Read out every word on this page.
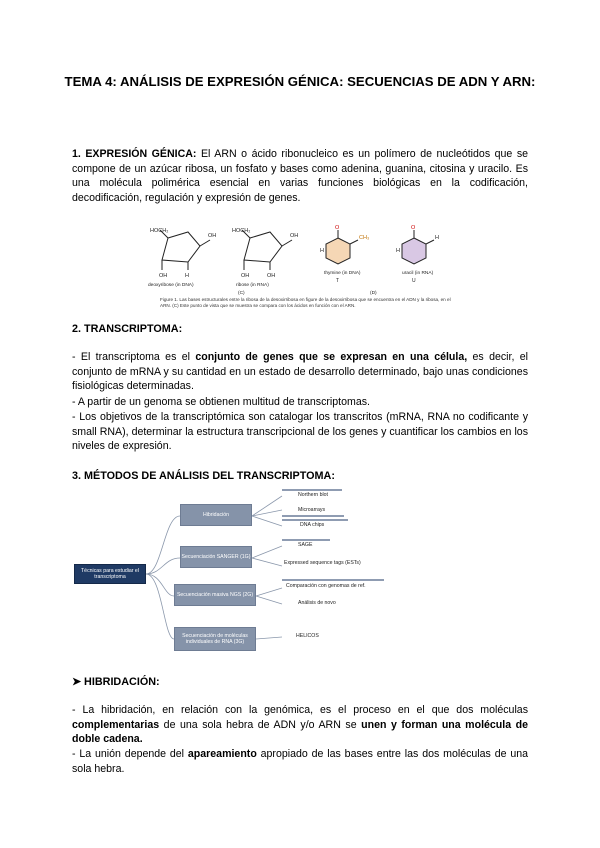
TEMA 4: ANÁLISIS DE EXPRESIÓN GÉNICA: SECUENCIAS DE ADN Y ARN:
1. EXPRESIÓN GÉNICA: El ARN o ácido ribonucleico es un polímero de nucleótidos que se compone de un azúcar ribosa, un fosfato y bases como adenina, guanina, citosina y uracilo. Es una molécula polimérica esencial en varias funciones biológicas en la codificación, decodificación, regulación y expresión de genes.
HOCH₂
OH
OH	H
deoxyribose (in DNA)
HOCH₂
OH
OH	OH
ribose (in RNA)
O
CH₃
H
thymine (in DNA)
T
O
H
H
uracil (in RNA)
U
(C)	(D)
Figure 1. Las bases estructurales entre la ribosa de la desoxirribosa en figure de la desoxirribosa que se encuentra en el ADN y la ribosa, en el ARN. (C) Este punto de vista que se muestra se compara con los ácidos en función con el ARN.
2. TRANSCRIPTOMA:
- El transcriptoma es el conjunto de genes que se expresan en una célula, es decir, el conjunto de mRNA y su cantidad en un estado de desarrollo determinado, bajo unas condiciones fisiológicas determinadas.
- A partir de un genoma se obtienen multitud de transcriptomas.
- Los objetivos de la transcriptómica son catalogar los transcritos (mRNA, RNA no codificante y small RNA), determinar la estructura transcripcional de los genes y cuantificar los cambios en los niveles de expresión.
3. MÉTODOS DE ANÁLISIS DEL TRANSCRIPTOMA:
Técnicas para estudiar el transcriptoma
Hibridación
Secuenciación SANGER (1G)
Secuenciación masiva NGS (2G)
Secuenciación de moléculas individuales de RNA (3G)
Northern blot
Microarrays
DNA chips
SAGE
Expressed sequence tags (ESTs)
Comparación con genomas de ref.
Análisis de novo
HELICOS
➤ HIBRIDACIÓN:
- La hibridación, en relación con la genómica, es el proceso en el que dos moléculas complementarias de una sola hebra de ADN y/o ARN se unen y forman una molécula de doble cadena.
- La unión depende del apareamiento apropiado de las bases entre las dos moléculas de una sola hebra.
